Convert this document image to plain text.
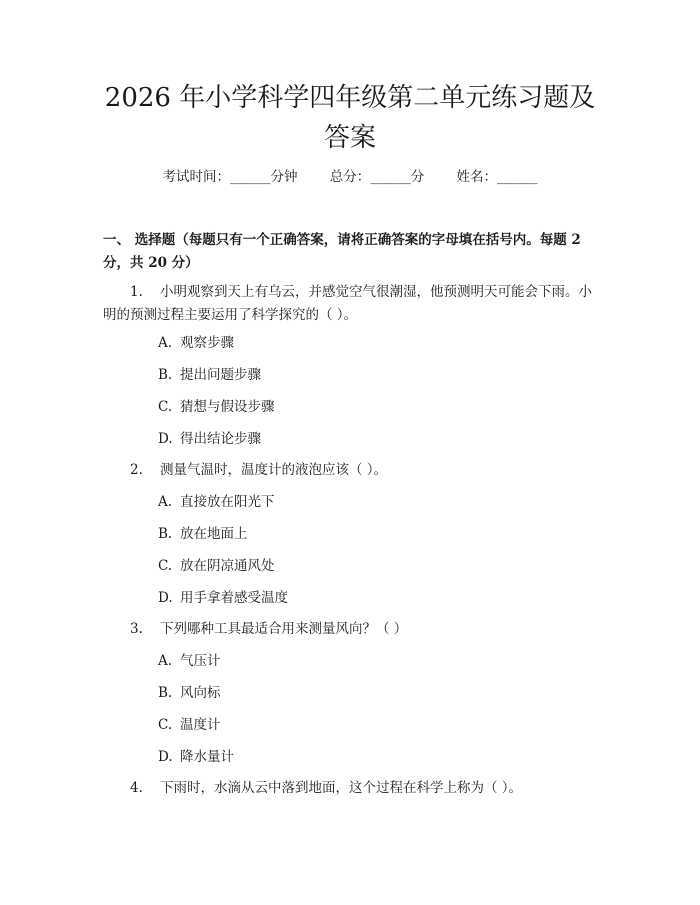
2026 年小学科学四年级第二单元练习题及答案
考试时间：______分钟 总分：______分 姓名：______

一、 选择题（每题只有一个正确答案，请将正确答案的字母填在括号内。每题 2 分，共 20 分）

1. 小明观察到天上有乌云，并感觉空气很潮湿，他预测明天可能会下雨。小明的预测过程主要运用了科学探究的（ ）。

A. 观察步骤

B. 提出问题步骤

C. 猜想与假设步骤

D. 得出结论步骤

2. 测量气温时，温度计的液泡应该（ ）。

A. 直接放在阳光下

B. 放在地面上

C. 放在阴凉通风处

D. 用手拿着感受温度

3. 下列哪种工具最适合用来测量风向？（ ）

A. 气压计

B. 风向标

C. 温度计

D. 降水量计

4. 下雨时，水滴从云中落到地面，这个过程在科学上称为（ ）。
